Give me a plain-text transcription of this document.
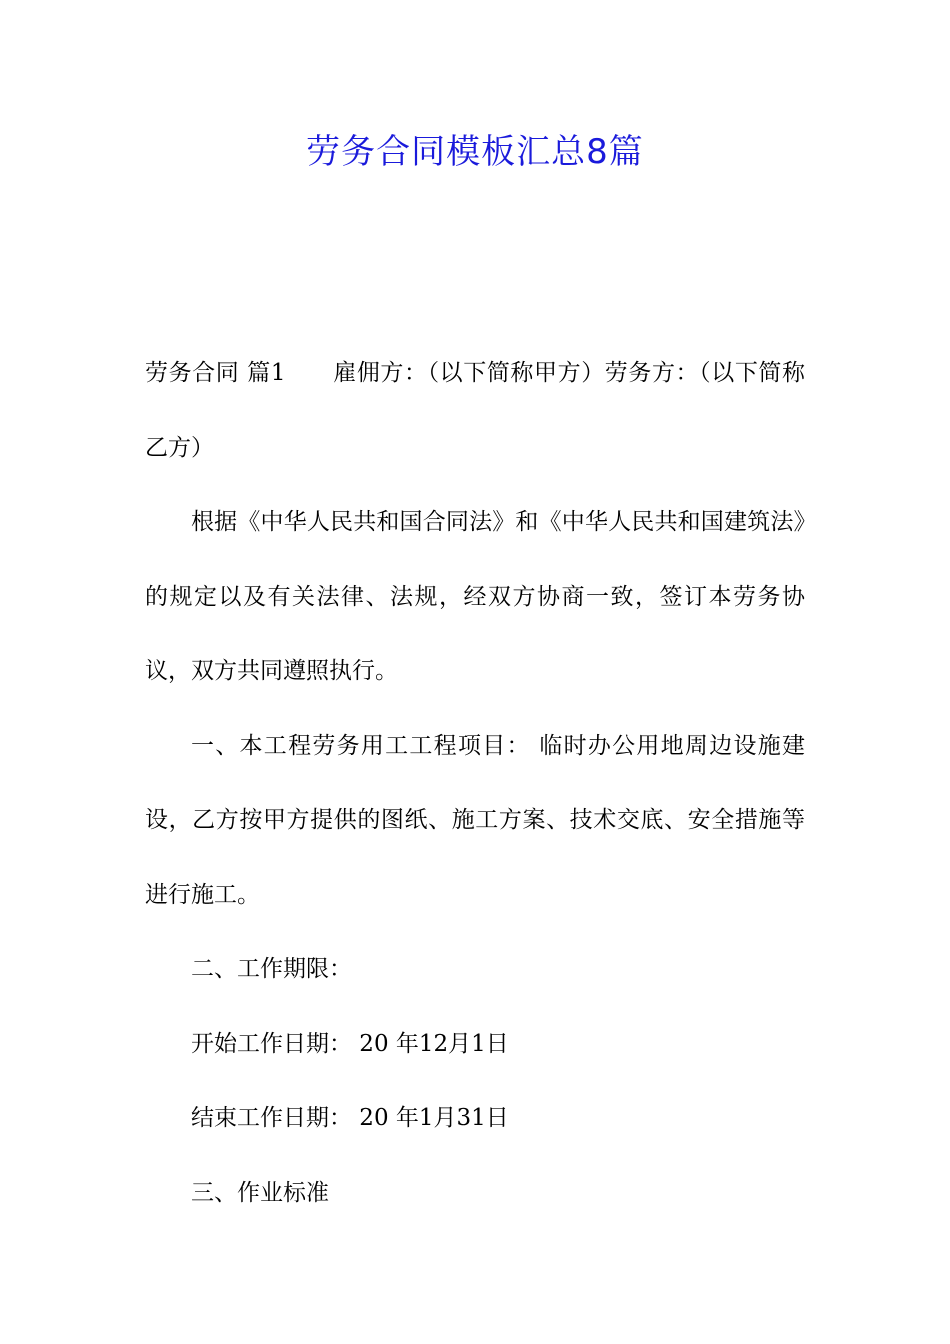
劳务合同模板汇总8篇

劳务合同 篇1　　雇佣方：（以下简称甲方）劳务方：（以下简称乙方）

根据《中华人民共和国合同法》和《中华人民共和国建筑法》的规定以及有关法律、法规，经双方协商一致，签订本劳务协议，双方共同遵照执行。

一、本工程劳务用工工程项目： 临时办公用地周边设施建设，乙方按甲方提供的图纸、施工方案、技术交底、安全措施等进行施工。

二、工作期限：

开始工作日期： 20 年12月1日

结束工作日期： 20 年1月31日

三、作业标准
